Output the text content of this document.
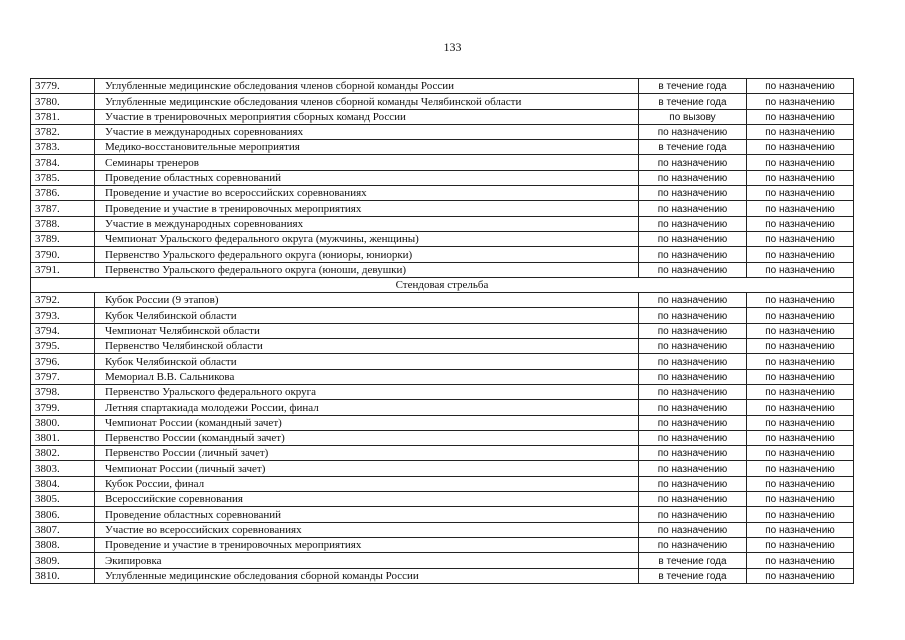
133
3779.	Углубленные медицинские обследования членов сборной команды России	в течение года	по назначению
3780.	Углубленные медицинские обследования членов сборной команды Челябинской области	в течение года	по назначению
3781.	Участие в тренировочных мероприятия сборных команд России	по вызову	по назначению
3782.	Участие в международных соревнованиях	по назначению	по назначению
3783.	Медико-восстановительные мероприятия	в течение года	по назначению
3784.	Семинары тренеров	по назначению	по назначению
3785.	Проведение областных соревнований	по назначению	по назначению
3786.	Проведение и участие во всероссийских соревнованиях	по назначению	по назначению
3787.	Проведение и участие в тренировочных мероприятиях	по назначению	по назначению
3788.	Участие в международных соревнованиях	по назначению	по назначению
3789.	Чемпионат Уральского федерального округа (мужчины, женщины)	по назначению	по назначению
3790.	Первенство Уральского федерального округа (юниоры, юниорки)	по назначению	по назначению
3791.	Первенство Уральского федерального округа (юноши, девушки)	по назначению	по назначению
Стендовая стрельба			
3792.	Кубок России (9 этапов)	по назначению	по назначению
3793.	Кубок Челябинской области	по назначению	по назначению
3794.	Чемпионат Челябинской области	по назначению	по назначению
3795.	Первенство Челябинской области	по назначению	по назначению
3796.	Кубок Челябинской области	по назначению	по назначению
3797.	Мемориал В.В. Сальникова	по назначению	по назначению
3798.	Первенство Уральского федерального округа	по назначению	по назначению
3799.	Летняя спартакиада молодежи России, финал	по назначению	по назначению
3800.	Чемпионат России (командный зачет)	по назначению	по назначению
3801.	Первенство России (командный зачет)	по назначению	по назначению
3802.	Первенство России (личный зачет)	по назначению	по назначению
3803.	Чемпионат России (личный зачет)	по назначению	по назначению
3804.	Кубок России, финал	по назначению	по назначению
3805.	Всероссийские соревнования	по назначению	по назначению
3806.	Проведение областных соревнований	по назначению	по назначению
3807.	Участие во всероссийских соревнованиях	по назначению	по назначению
3808.	Проведение и участие в тренировочных мероприятиях	по назначению	по назначению
3809.	Экипировка	в течение года	по назначению
3810.	Углубленные медицинские обследования сборной команды России	в течение года	по назначению
